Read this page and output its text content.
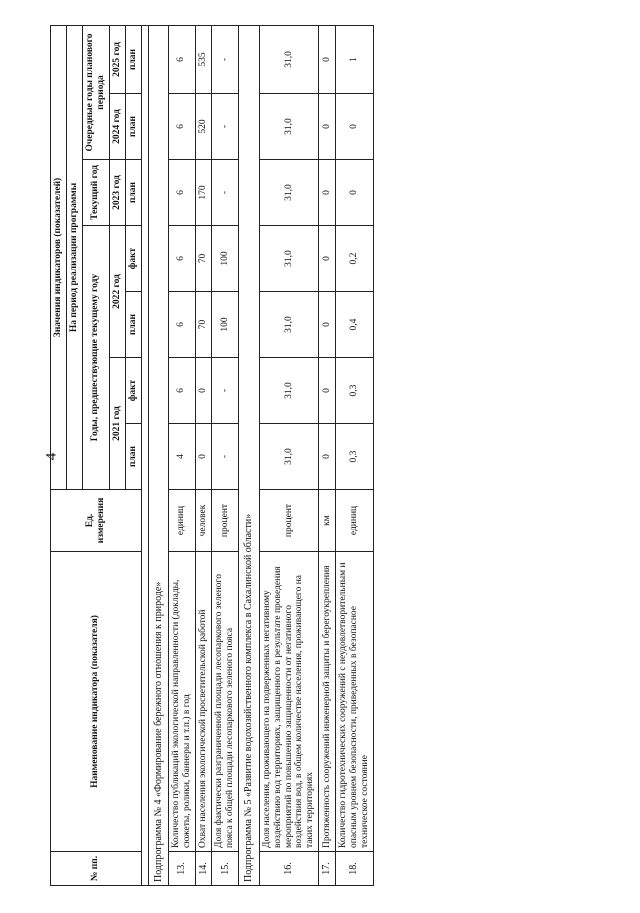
4
№ пп.	Наименование индикатора (показателя)	Ед. измерения	Значения индикаторов (показателей)						
			На период реализации программы						
			Годы, предшествующие текущему году				Текущий год	Очередные годы планового периода	
			2021 год		2022 год		2023 год	2024 год	2025 год
			план	факт	план	факт	план	план	план

Подпрограмма № 4 «Формирование бережного отношения к природе»									
13.	Количество публикаций экологической направленности (доклады, сюжеты, ролики, баннеры и т.п.) в год	единиц	4	6	6	6	6	6	6
14.	Охват населения экологической просветительской работой	человек	0	0	70	70	170	520	535
15.	Доля фактически разграниченной площади лесопаркового зеленого пояса к общей площади лесопаркового зеленого пояса	процент	-	-	100	100	-	-	-
Подпрограмма № 5 «Развитие водохозяйственного комплекса в Сахалинской области»									
16.	Доля населения, проживающего на подверженных негативному воздействию вод территориях, защищенного в результате проведения мероприятий по повышению защищенности от негативного воздействия вод, в общем количестве населения, проживающего на таких территориях	процент	31,0	31,0	31,0	31,0	31,0	31,0	31,0
17.	Протяженность сооружений инженерной защиты и берегоукрепления	км	0	0	0	0	0	0	0
18.	Количество гидротехнических сооружений с неудовлетворительным и опасным уровнем безопасности, приведенных в безопасное техническое состояние	единиц	0,3	0,3	0,4	0,2	0	0	1
